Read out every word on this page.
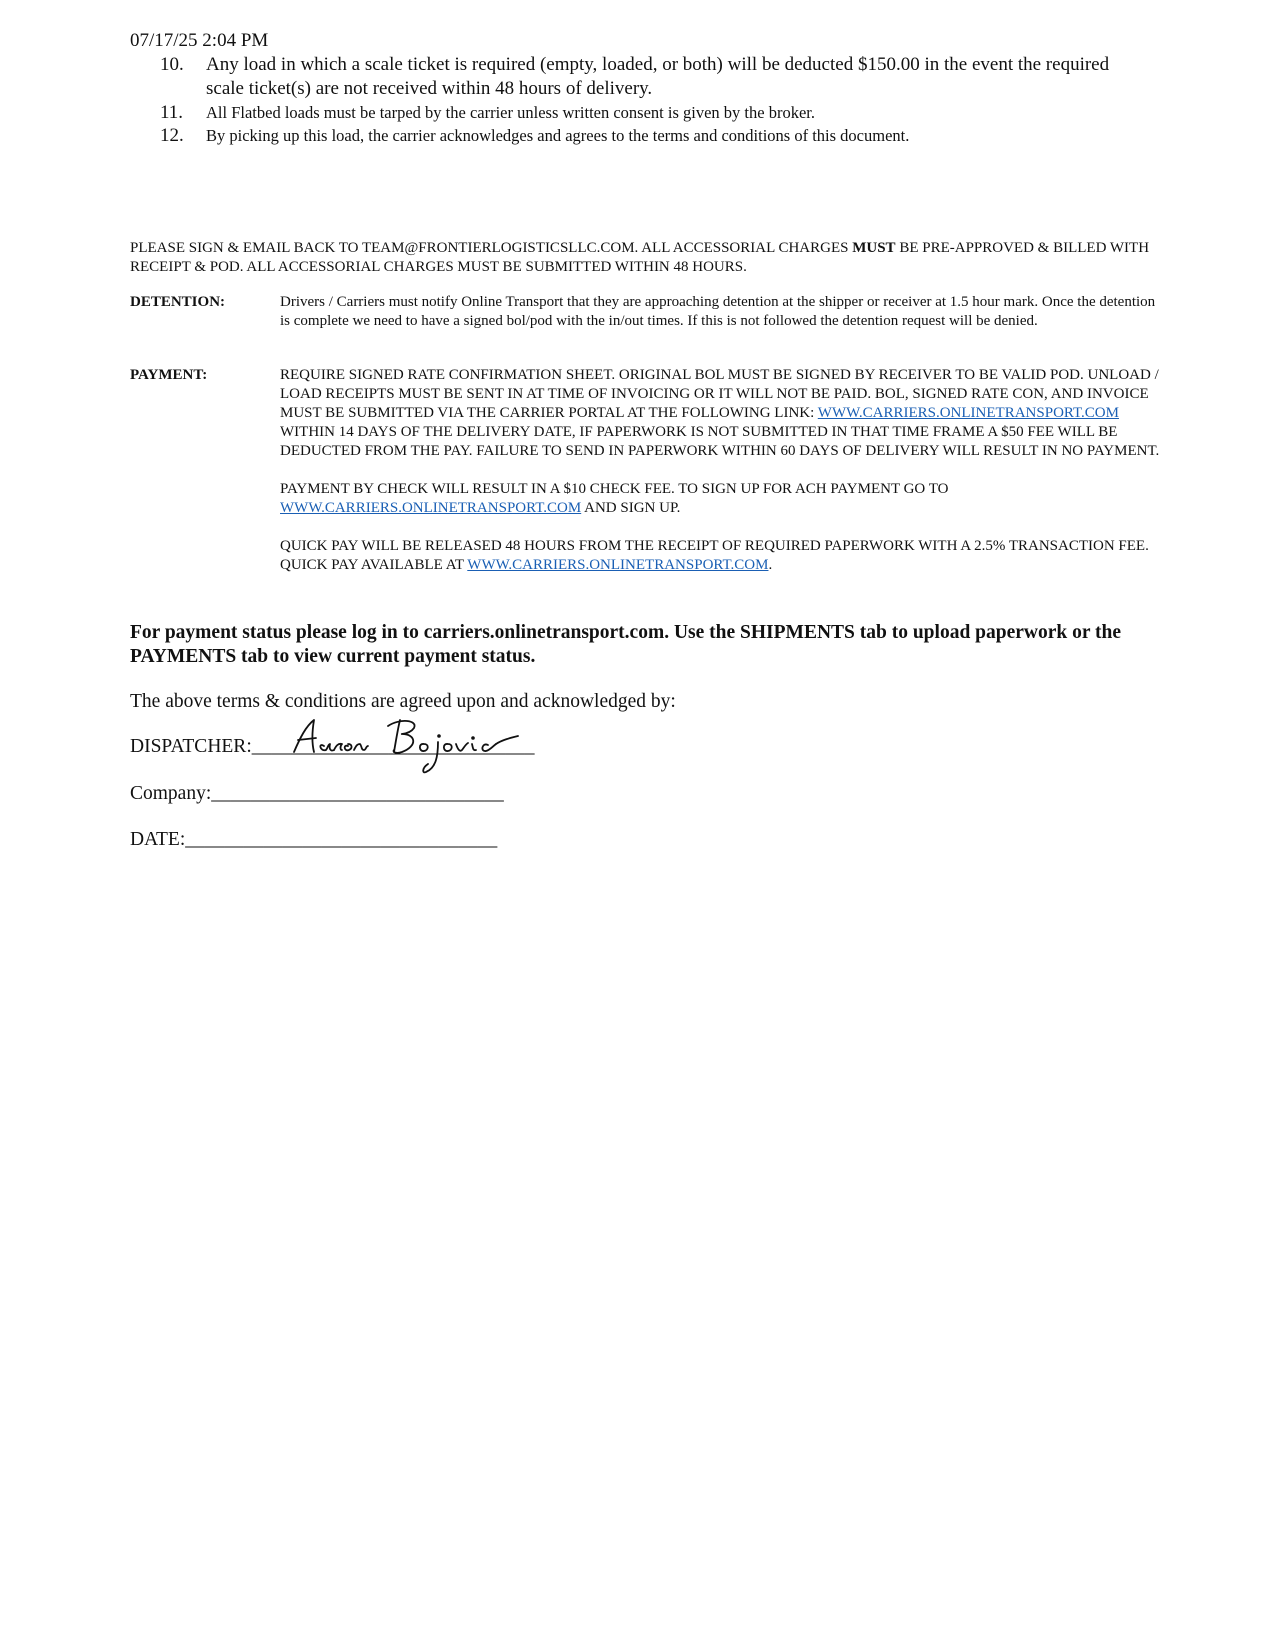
07/17/25 2:04 PM
10.	Any load in which a scale ticket is required (empty, loaded, or both) will be deducted $150.00 in the event the required scale ticket(s) are not received within 48 hours of delivery.
11.	All Flatbed loads must be tarped by the carrier unless written consent is given by the broker.
12.	By picking up this load, the carrier acknowledges and agrees to the terms and conditions of this document.
PLEASE SIGN & EMAIL BACK TO TEAM@FRONTIERLOGISTICSLLC.COM. ALL ACCESSORIAL CHARGES MUST BE PRE-APPROVED & BILLED WITH RECEIPT & POD. ALL ACCESSORIAL CHARGES MUST BE SUBMITTED WITHIN 48 HOURS.
DETENTION:	Drivers / Carriers must notify Online Transport that they are approaching detention at the shipper or receiver at 1.5 hour mark. Once the detention is complete we need to have a signed bol/pod with the in/out times. If this is not followed the detention request will be denied.

PAYMENT:	REQUIRE SIGNED RATE CONFIRMATION SHEET. ORIGINAL BOL MUST BE SIGNED BY RECEIVER TO BE VALID POD. UNLOAD / LOAD RECEIPTS MUST BE SENT IN AT TIME OF INVOICING OR IT WILL NOT BE PAID. BOL, SIGNED RATE CON, AND INVOICE MUST BE SUBMITTED VIA THE CARRIER PORTAL AT THE FOLLOWING LINK: WWW.CARRIERS.ONLINETRANSPORT.COM WITHIN 14 DAYS OF THE DELIVERY DATE, IF PAPERWORK IS NOT SUBMITTED IN THAT TIME FRAME A $50 FEE WILL BE DEDUCTED FROM THE PAY. FAILURE TO SEND IN PAPERWORK WITHIN 60 DAYS OF DELIVERY WILL RESULT IN NO PAYMENT.

PAYMENT BY CHECK WILL RESULT IN A $10 CHECK FEE. TO SIGN UP FOR ACH PAYMENT GO TO WWW.CARRIERS.ONLINETRANSPORT.COM AND SIGN UP.

QUICK PAY WILL BE RELEASED 48 HOURS FROM THE RECEIPT OF REQUIRED PAPERWORK WITH A 2.5% TRANSACTION FEE. QUICK PAY AVAILABLE AT WWW.CARRIERS.ONLINETRANSPORT.COM.

For payment status please log in to carriers.onlinetransport.com. Use the SHIPMENTS tab to upload paperwork or the PAYMENTS tab to view current payment status.
The above terms & conditions are agreed upon and acknowledged by:
DISPATCHER:_____________________________
Company:______________________________
DATE:________________________________
